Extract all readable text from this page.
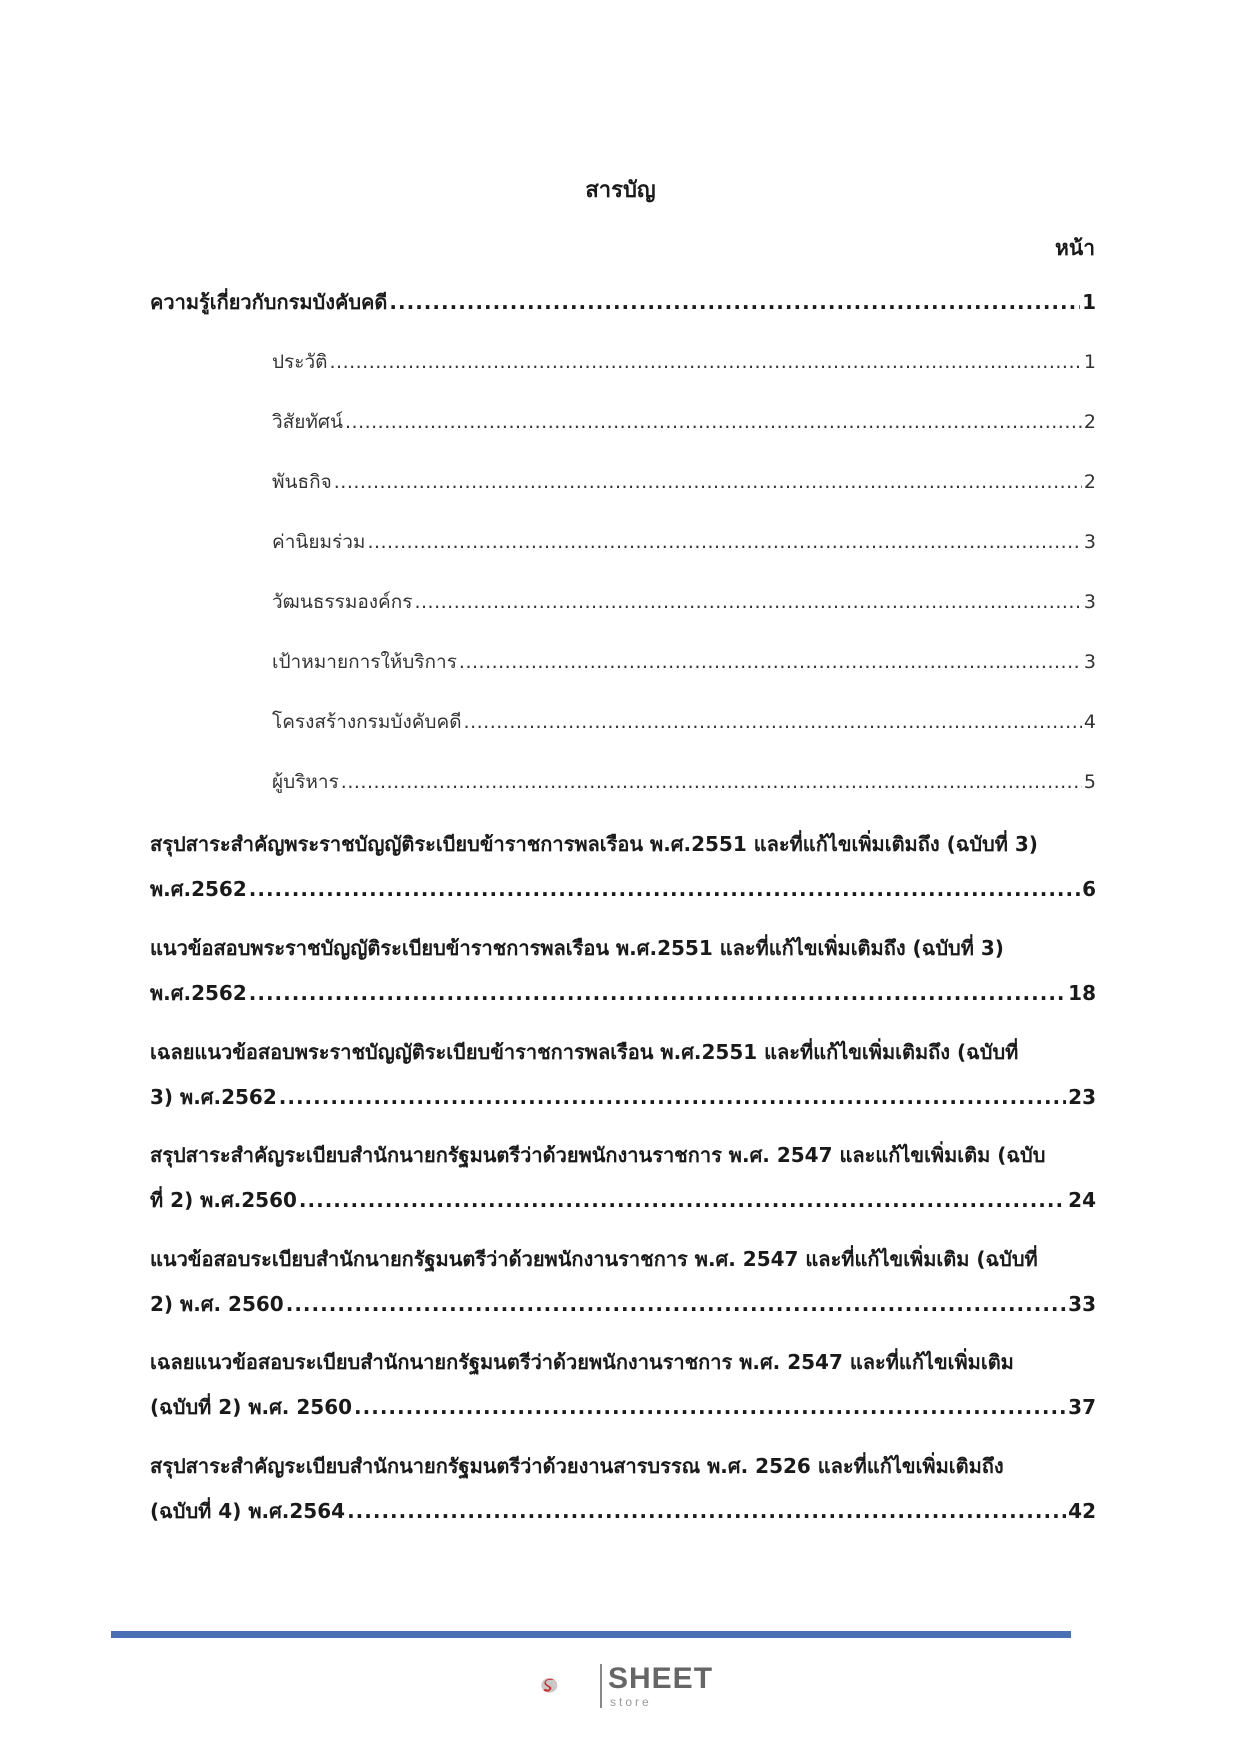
สารบัญ
หน้า
ความรู้เกี่ยวกับกรมบังคับคดี .....	1
ประวัติ .....	1
วิสัยทัศน์ .....	2
พันธกิจ .....	2
ค่านิยมร่วม .....	3
วัฒนธรรมองค์กร .....	3
เป้าหมายการให้บริการ .....	3
โครงสร้างกรมบังคับคดี .....	4
ผู้บริหาร .....	5
สรุปสาระสำคัญพระราชบัญญัติระเบียบข้าราชการพลเรือน พ.ศ.2551 และที่แก้ไขเพิ่มเติมถึง (ฉบับที่ 3)
พ.ศ.2562 .....	6
แนวข้อสอบพระราชบัญญัติระเบียบข้าราชการพลเรือน พ.ศ.2551 และที่แก้ไขเพิ่มเติมถึง (ฉบับที่ 3)
พ.ศ.2562 .....	18
เฉลยแนวข้อสอบพระราชบัญญัติระเบียบข้าราชการพลเรือน พ.ศ.2551 และที่แก้ไขเพิ่มเติมถึง (ฉบับที่
3) พ.ศ.2562 .....	23
สรุปสาระสำคัญระเบียบสำนักนายกรัฐมนตรีว่าด้วยพนักงานราชการ พ.ศ. 2547 และแก้ไขเพิ่มเติม (ฉบับ
ที่ 2) พ.ศ.2560 .....	24
แนวข้อสอบระเบียบสำนักนายกรัฐมนตรีว่าด้วยพนักงานราชการ พ.ศ. 2547 และที่แก้ไขเพิ่มเติม (ฉบับที่
2) พ.ศ. 2560 .....	33
เฉลยแนวข้อสอบระเบียบสำนักนายกรัฐมนตรีว่าด้วยพนักงานราชการ พ.ศ. 2547 และที่แก้ไขเพิ่มเติม
(ฉบับที่ 2) พ.ศ. 2560 .....	37
สรุปสาระสำคัญระเบียบสำนักนายกรัฐมนตรีว่าด้วยงานสารบรรณ พ.ศ. 2526 และที่แก้ไขเพิ่มเติมถึง
(ฉบับที่ 4) พ.ศ.2564 .....	42
SHEET
store
